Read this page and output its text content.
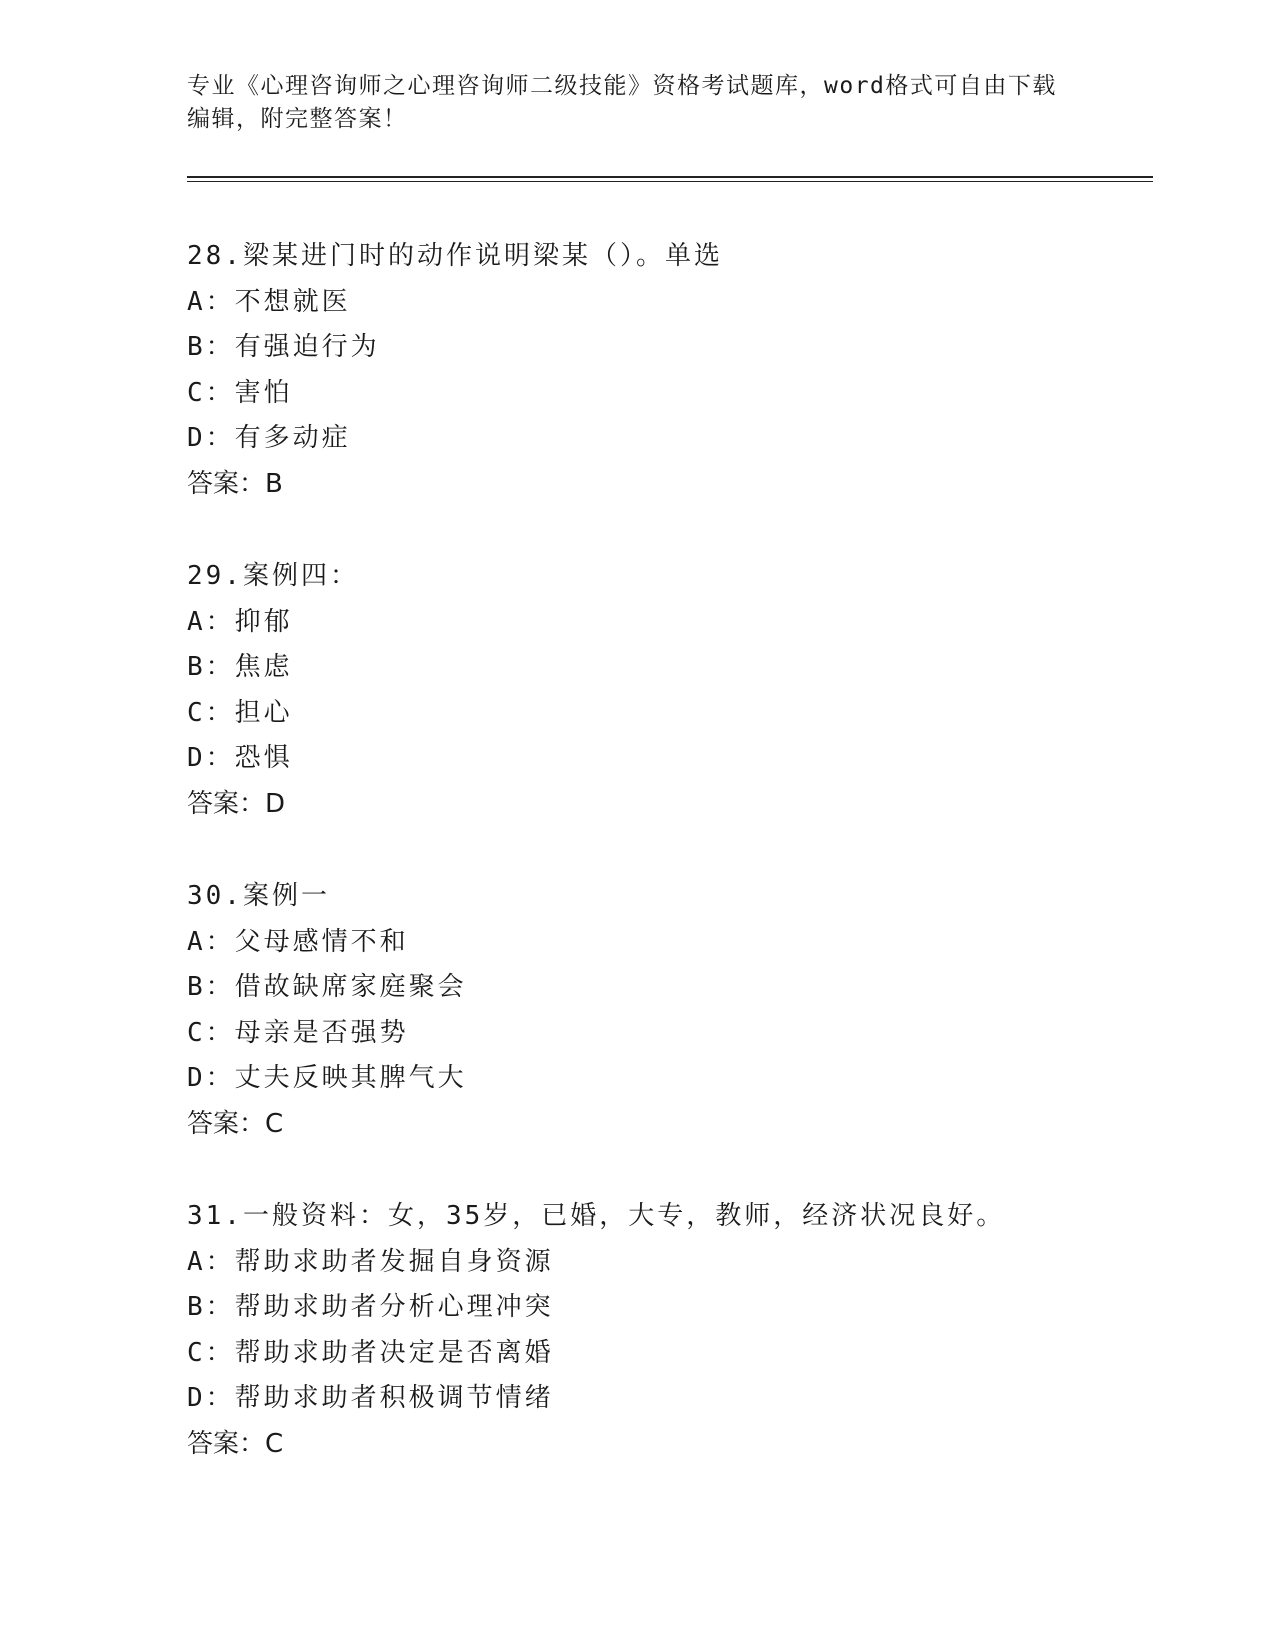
专业《心理咨询师之心理咨询师二级技能》资格考试题库，word格式可自由下载
编辑，附完整答案！
28.梁某进门时的动作说明梁某（）。单选
A：不想就医
B：有强迫行为
C：害怕
D：有多动症
答案：B
29.案例四：
A：抑郁
B：焦虑
C：担心
D：恐惧
答案：D
30.案例一
A：父母感情不和
B：借故缺席家庭聚会
C：母亲是否强势
D：丈夫反映其脾气大
答案：C
31.一般资料：女，35岁，已婚，大专，教师，经济状况良好。
A：帮助求助者发掘自身资源
B：帮助求助者分析心理冲突
C：帮助求助者决定是否离婚
D：帮助求助者积极调节情绪
答案：C
